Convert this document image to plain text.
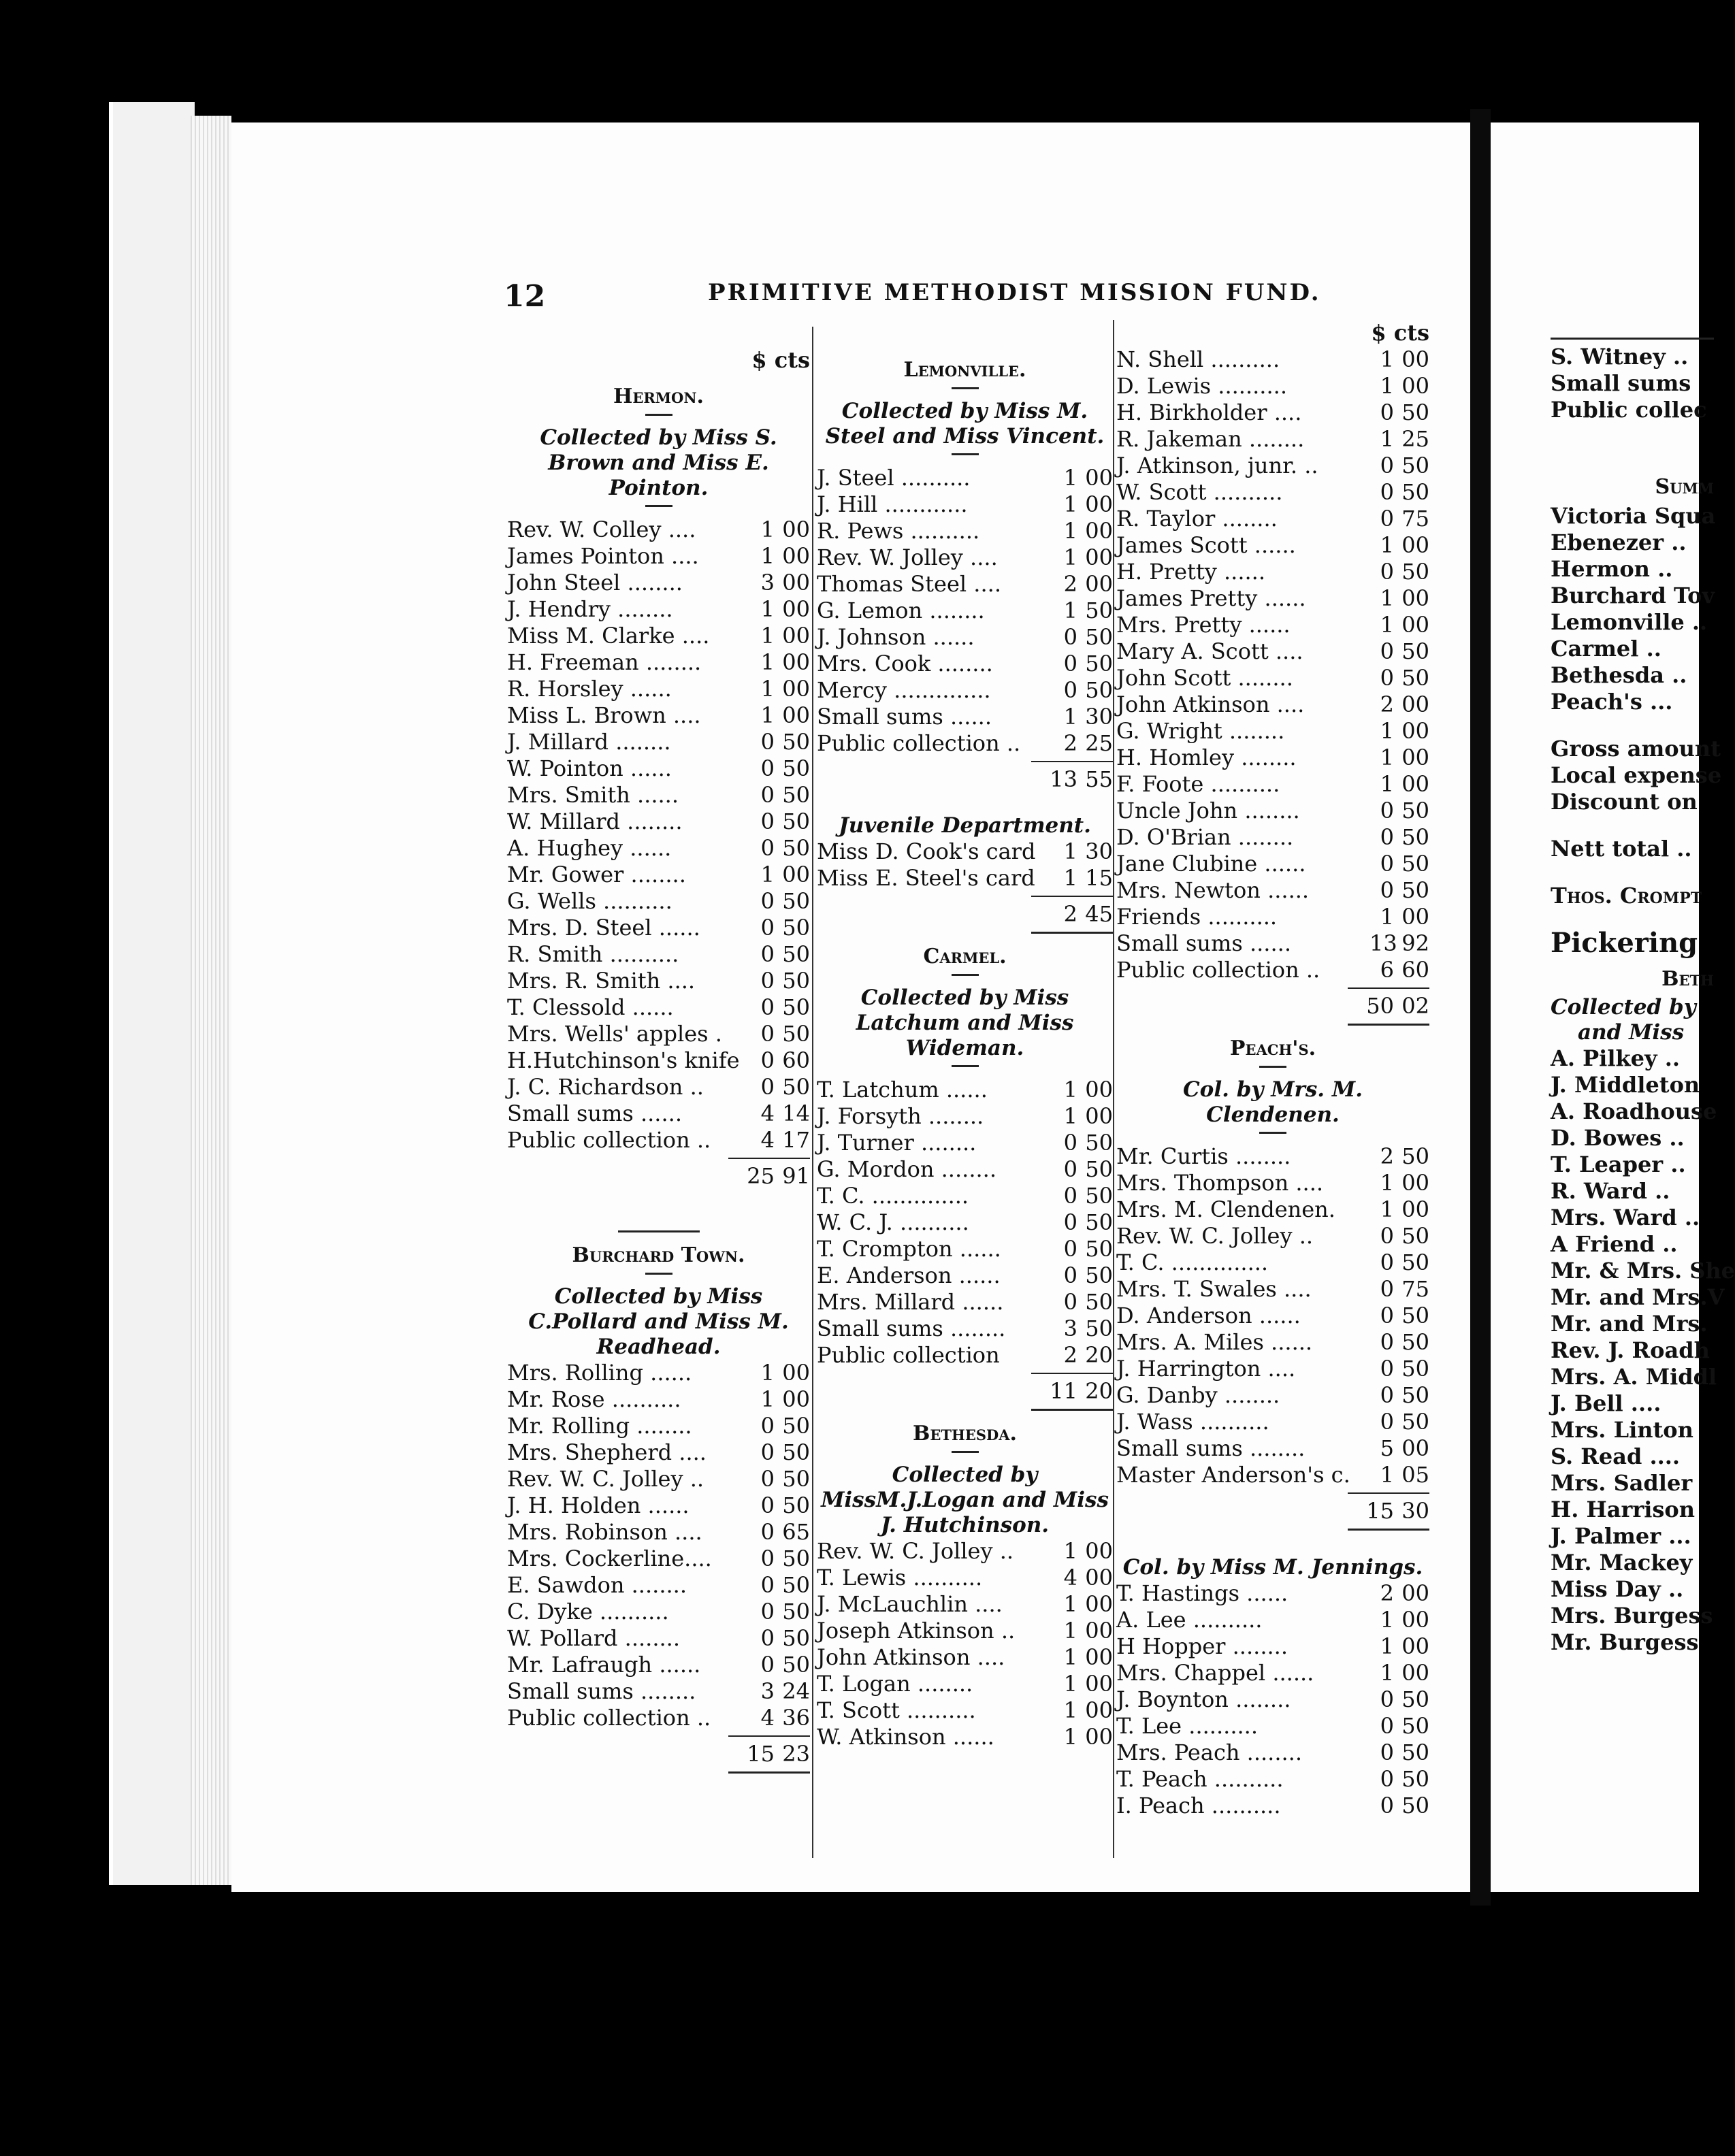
12	PRIMITIVE METHODIST MISSION FUND.
$ cts
Hermon.
Collected by Miss S. Brown and Miss E. Pointon.
Rev. W. Colley ....	1 00
James Pointon ....	1 00
John Steel ........	3 00
J. Hendry ........	1 00
Miss M. Clarke ....	1 00
H. Freeman ........	1 00
R. Horsley ......	1 00
Miss L. Brown ....	1 00
J. Millard ........	0 50
W. Pointon ......	0 50
Mrs. Smith ......	0 50
W. Millard ........	0 50
A. Hughey ......	0 50
Mr. Gower ........	1 00
G. Wells ..........	0 50
Mrs. D. Steel ......	0 50
R. Smith ..........	0 50
Mrs. R. Smith ....	0 50
T. Clessold ......	0 50
Mrs. Wells' apples .	0 50
H.Hutchinson's knife 0 60
J. C. Richardson ..	0 50
Small sums ......	4 14
Public collection ..	4 17
25 91
Burchard Town.
Collected by Miss C.Pollard and Miss M. Readhead.
Mrs. Rolling ......	1 00
Mr. Rose ..........	1 00
Mr. Rolling ........	0 50
Mrs. Shepherd ....	0 50
Rev. W. C. Jolley ..	0 50
J. H. Holden ......	0 50
Mrs. Robinson ....	0 65
Mrs. Cockerline....	0 50
E. Sawdon ........	0 50
C. Dyke ..........	0 50
W. Pollard ........	0 50
Mr. Lafraugh ......	0 50
Small sums ........	3 24
Public collection ..	4 36
15 23
Lemonville.
Collected by Miss M. Steel and Miss Vincent.
J. Steel ..........	1 00
J. Hill ............	1 00
R. Pews ..........	1 00
Rev. W. Jolley ....	1 00
Thomas Steel ....	2 00
G. Lemon ........	1 50
J. Johnson ......	0 50
Mrs. Cook ........	0 50
Mercy ..............	0 50
Small sums ......	1 30
Public collection ..	2 25
13 55
Juvenile Department.
Miss D. Cook's card	1 30
Miss E. Steel's card	1 15
2 45
Carmel.
Collected by Miss Latchum and Miss Wideman.
T. Latchum ......	1 00
J. Forsyth ........	1 00
J. Turner ........	0 50
G. Mordon ........	0 50
T. C. ..............	0 50
W. C. J. ..........	0 50
T. Crompton ......	0 50
E. Anderson ......	0 50
Mrs. Millard ......	0 50
Small sums ........	3 50
Public collection	2 20
11 20
Bethesda.
Collected by MissM.J.Logan and Miss J. Hutchinson.
Rev. W. C. Jolley ..	1 00
T. Lewis ..........	4 00
J. McLauchlin ....	1 00
Joseph Atkinson ..	1 00
John Atkinson ....	1 00
T. Logan ........	1 00
T. Scott ..........	1 00
W. Atkinson ......	1 00
$ cts
N. Shell ..........	1 00
D. Lewis ..........	1 00
H. Birkholder ....	0 50
R. Jakeman ........	1 25
J. Atkinson, junr. ..	0 50
W. Scott ..........	0 50
R. Taylor ........	0 75
James Scott ......	1 00
H. Pretty ......	0 50
James Pretty ......	1 00
Mrs. Pretty ......	1 00
Mary A. Scott ....	0 50
John Scott ........	0 50
John Atkinson ....	2 00
G. Wright ........	1 00
H. Homley ........	1 00
F. Foote ..........	1 00
Uncle John ........	0 50
D. O'Brian ........	0 50
Jane Clubine ......	0 50
Mrs. Newton ......	0 50
Friends ..........	1 00
Small sums ......	13 92
Public collection ..	6 60
50 02
Peach's.
Col. by Mrs. M. Clendenen.
Mr. Curtis ........	2 50
Mrs. Thompson ....	1 00
Mrs. M. Clendenen.	1 00
Rev. W. C. Jolley ..	0 50
T. C. ..............	0 50
Mrs. T. Swales ....	0 75
D. Anderson ......	0 50
Mrs. A. Miles ......	0 50
J. Harrington ....	0 50
G. Danby ........	0 50
J. Wass ..........	0 50
Small sums ........	5 00
Master Anderson's c.	1 05
15 30
Col. by Miss M. Jennings.
T. Hastings ......	2 00
A. Lee ..........	1 00
H Hopper ........	1 00
Mrs. Chappel ......	1 00
J. Boynton ........	0 50
T. Lee ..........	0 50
Mrs. Peach ........	0 50
T. Peach ..........	0 50
I. Peach ..........	0 50
S. Witney ..
Small sums
Public collec
Summ
Victoria Squa
Ebenezer ..
Hermon ..
Burchard Tov
Lemonville ..
Carmel ..
Bethesda ..
Peach's ...
Gross amount
Local expense
Discount on
Nett total ..
Thos. Crompt
Pickering
Beth
Collected by
and Miss
A. Pilkey ..
J. Middleton
A. Roadhouse
D. Bowes ..
T. Leaper ..
R. Ward ..
Mrs. Ward ..
A Friend ..
Mr. & Mrs. She
Mr. and Mrs.V
Mr. and Mrs.
Rev. J. Roadh
Mrs. A. Middl
J. Bell ....
Mrs. Linton
S. Read ....
Mrs. Sadler
H. Harrison
J. Palmer ...
Mr. Mackey
Miss Day ..
Mrs. Burgess
Mr. Burgess
